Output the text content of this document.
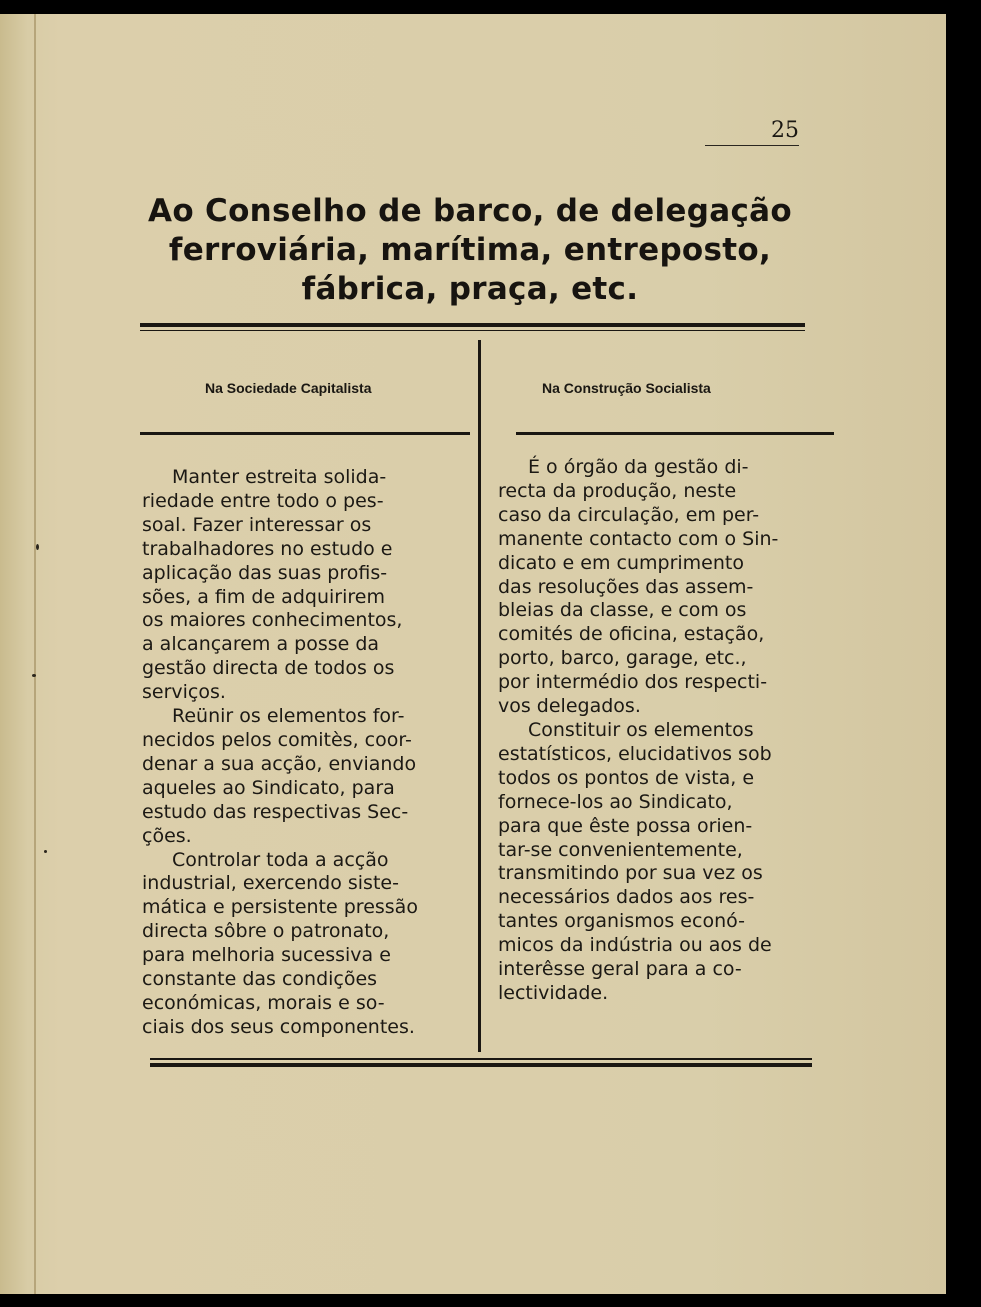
25
Ao Conselho de barco, de delegação
ferroviária, marítima, entreposto,
fábrica, praça, etc.
Na Sociedade Capitalista	Na Construção Socialista
Manter estreita solida-
riedade entre todo o pes-
soal. Fazer interessar os
trabalhadores no estudo e
aplicação das suas profis-
sões, a fim de adquirirem
os maiores conhecimentos,
a alcançarem a posse da
gestão directa de todos os
serviços.
Reünir os elementos for-
necidos pelos comitès, coor-
denar a sua acção, enviando
aqueles ao Sindicato, para
estudo das respectivas Sec-
ções.
Controlar toda a acção
industrial, exercendo siste-
mática e persistente pressão
directa sôbre o patronato,
para melhoria sucessiva e
constante das condições
económicas, morais e so-
ciais dos seus componentes.
É o órgão da gestão di-
recta da produção, neste
caso da circulação, em per-
manente contacto com o Sin-
dicato e em cumprimento
das resoluções das assem-
bleias da classe, e com os
comités de oficina, estação,
porto, barco, garage, etc.,
por intermédio dos respecti-
vos delegados.
Constituir os elementos
estatísticos, elucidativos sob
todos os pontos de vista, e
fornece-los ao Sindicato,
para que êste possa orien-
tar-se convenientemente,
transmitindo por sua vez os
necessários dados aos res-
tantes organismos econó-
micos da indústria ou aos de
interêsse geral para a co-
lectividade.
